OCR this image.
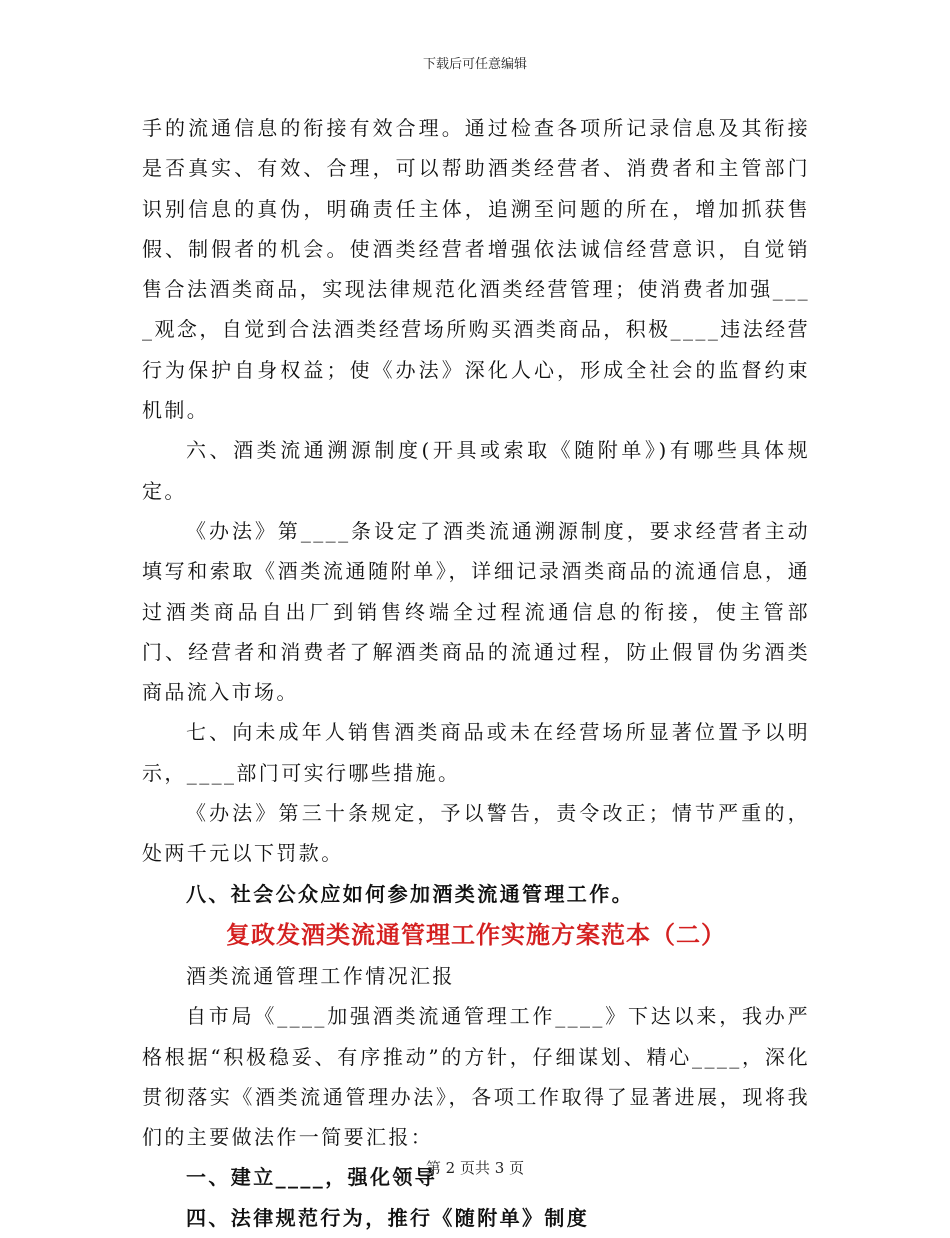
下载后可任意编辑

手的流通信息的衔接有效合理。通过检查各项所记录信息及其衔接是否真实、有效、合理，可以帮助酒类经营者、消费者和主管部门识别信息的真伪，明确责任主体，追溯至问题的所在，增加抓获售假、制假者的机会。使酒类经营者增强依法诚信经营意识，自觉销售合法酒类商品，实现法律规范化酒类经营管理；使消费者加强____观念，自觉到合法酒类经营场所购买酒类商品，积极____违法经营行为保护自身权益；使《办法》深化人心，形成全社会的监督约束机制。

六、酒类流通溯源制度(开具或索取《随附单》)有哪些具体规定。

《办法》第____条设定了酒类流通溯源制度，要求经营者主动填写和索取《酒类流通随附单》，详细记录酒类商品的流通信息，通过酒类商品自出厂到销售终端全过程流通信息的衔接，使主管部门、经营者和消费者了解酒类商品的流通过程，防止假冒伪劣酒类商品流入市场。

七、向未成年人销售酒类商品或未在经营场所显著位置予以明示，____部门可实行哪些措施。

《办法》第三十条规定，予以警告，责令改正；情节严重的，处两千元以下罚款。

八、社会公众应如何参加酒类流通管理工作。

复政发酒类流通管理工作实施方案范本（二）

酒类流通管理工作情况汇报

自市局《____加强酒类流通管理工作____》下达以来，我办严格根据“积极稳妥、有序推动”的方针，仔细谋划、精心____，深化贯彻落实《酒类流通管理办法》，各项工作取得了显著进展，现将我们的主要做法作一简要汇报：

一、建立____，强化领导

四、法律规范行为，推行《随附单》制度

第 2 页共 3 页
